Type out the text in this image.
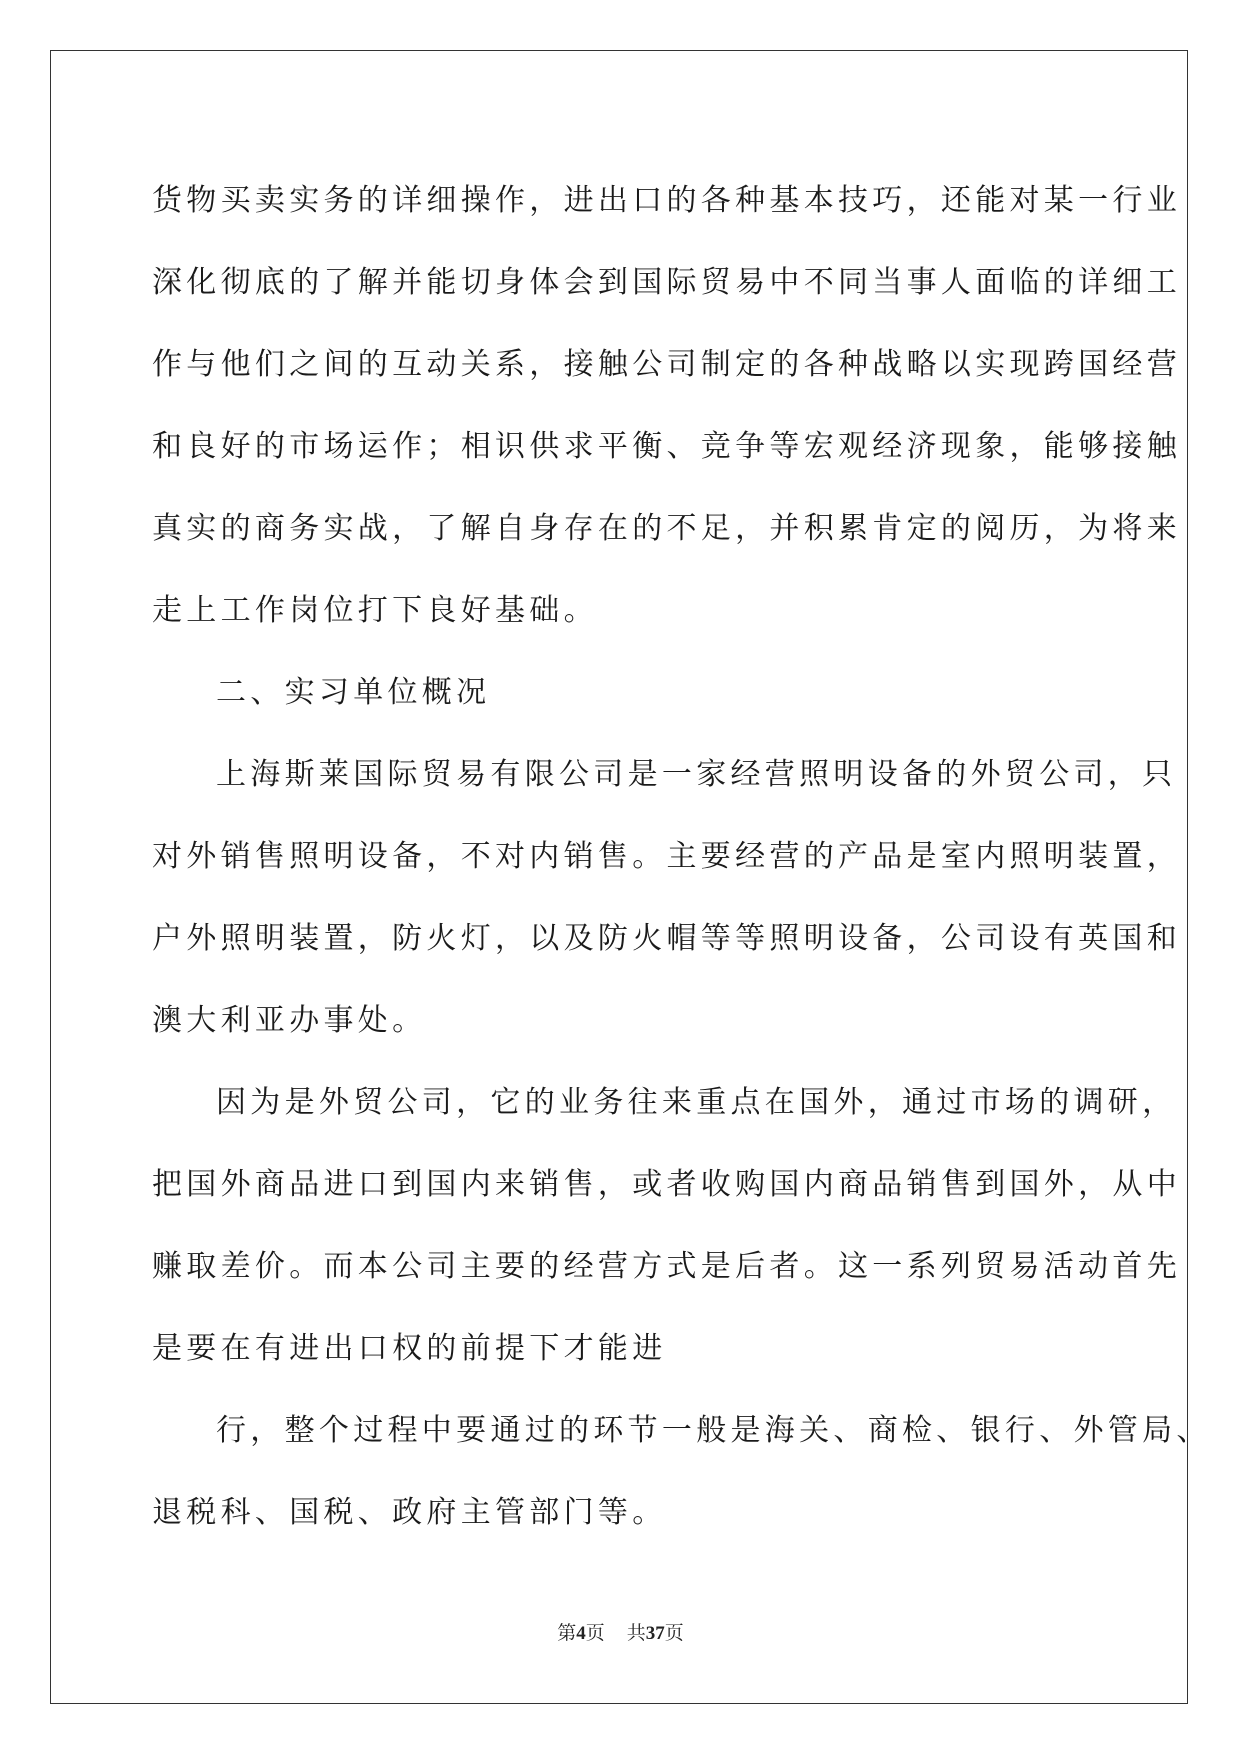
货物买卖实务的详细操作，进出口的各种基本技巧，还能对某一行业
深化彻底的了解并能切身体会到国际贸易中不同当事人面临的详细工
作与他们之间的互动关系，接触公司制定的各种战略以实现跨国经营
和良好的市场运作；相识供求平衡、竞争等宏观经济现象，能够接触
真实的商务实战，了解自身存在的不足，并积累肯定的阅历，为将来
走上工作岗位打下良好基础。
二、实习单位概况
上海斯莱国际贸易有限公司是一家经营照明设备的外贸公司，只
对外销售照明设备，不对内销售。主要经营的产品是室内照明装置，
户外照明装置，防火灯，以及防火帽等等照明设备，公司设有英国和
澳大利亚办事处。
因为是外贸公司，它的业务往来重点在国外，通过市场的调研，
把国外商品进口到国内来销售，或者收购国内商品销售到国外，从中
赚取差价。而本公司主要的经营方式是后者。这一系列贸易活动首先
是要在有进出口权的前提下才能进
行，整个过程中要通过的环节一般是海关、商检、银行、外管局、
退税科、国税、政府主管部门等。
第4页 共37页
